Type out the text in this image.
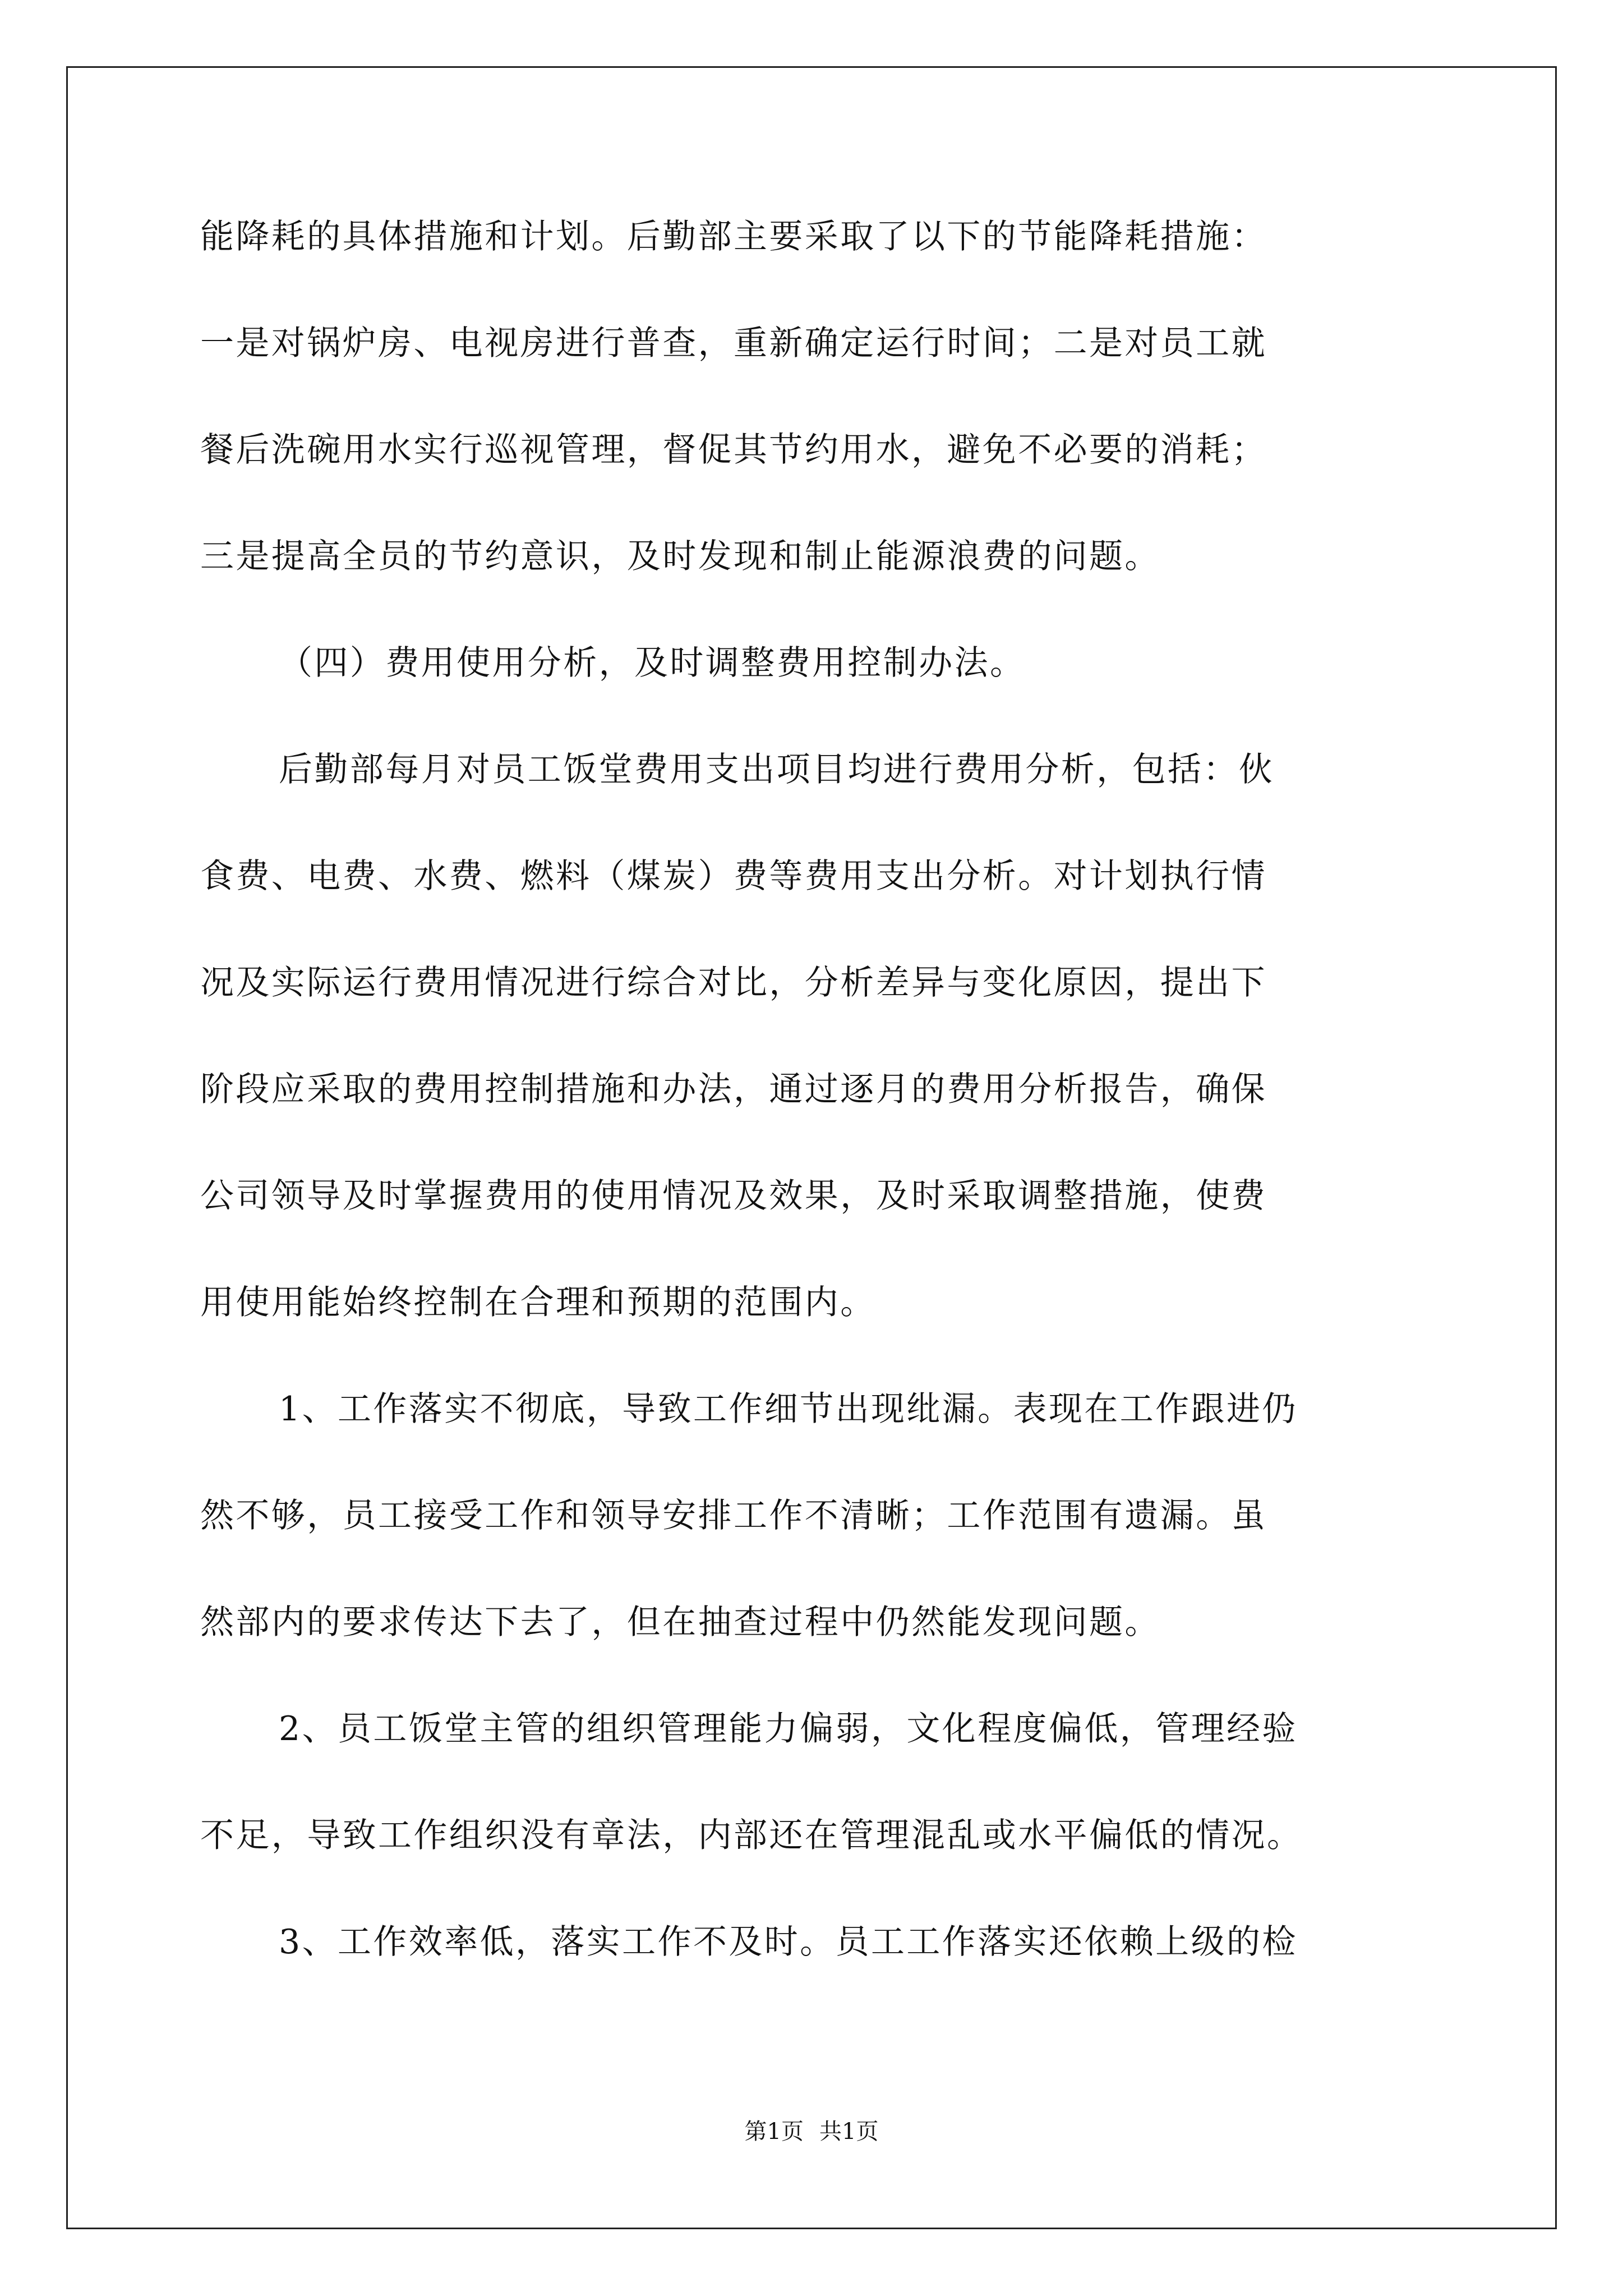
能降耗的具体措施和计划。后勤部主要采取了以下的节能降耗措施：
一是对锅炉房、电视房进行普查，重新确定运行时间；二是对员工就
餐后洗碗用水实行巡视管理，督促其节约用水，避免不必要的消耗；
三是提高全员的节约意识，及时发现和制止能源浪费的问题。
（四）费用使用分析，及时调整费用控制办法。
后勤部每月对员工饭堂费用支出项目均进行费用分析，包括：伙
食费、电费、水费、燃料（煤炭）费等费用支出分析。对计划执行情
况及实际运行费用情况进行综合对比，分析差异与变化原因，提出下
阶段应采取的费用控制措施和办法，通过逐月的费用分析报告，确保
公司领导及时掌握费用的使用情况及效果，及时采取调整措施，使费
用使用能始终控制在合理和预期的范围内。
1、工作落实不彻底，导致工作细节出现纰漏。表现在工作跟进仍
然不够，员工接受工作和领导安排工作不清晰；工作范围有遗漏。虽
然部内的要求传达下去了，但在抽查过程中仍然能发现问题。
2、员工饭堂主管的组织管理能力偏弱，文化程度偏低，管理经验
不足，导致工作组织没有章法，内部还在管理混乱或水平偏低的情况。
3、工作效率低，落实工作不及时。员工工作落实还依赖上级的检
第1页 共1页
